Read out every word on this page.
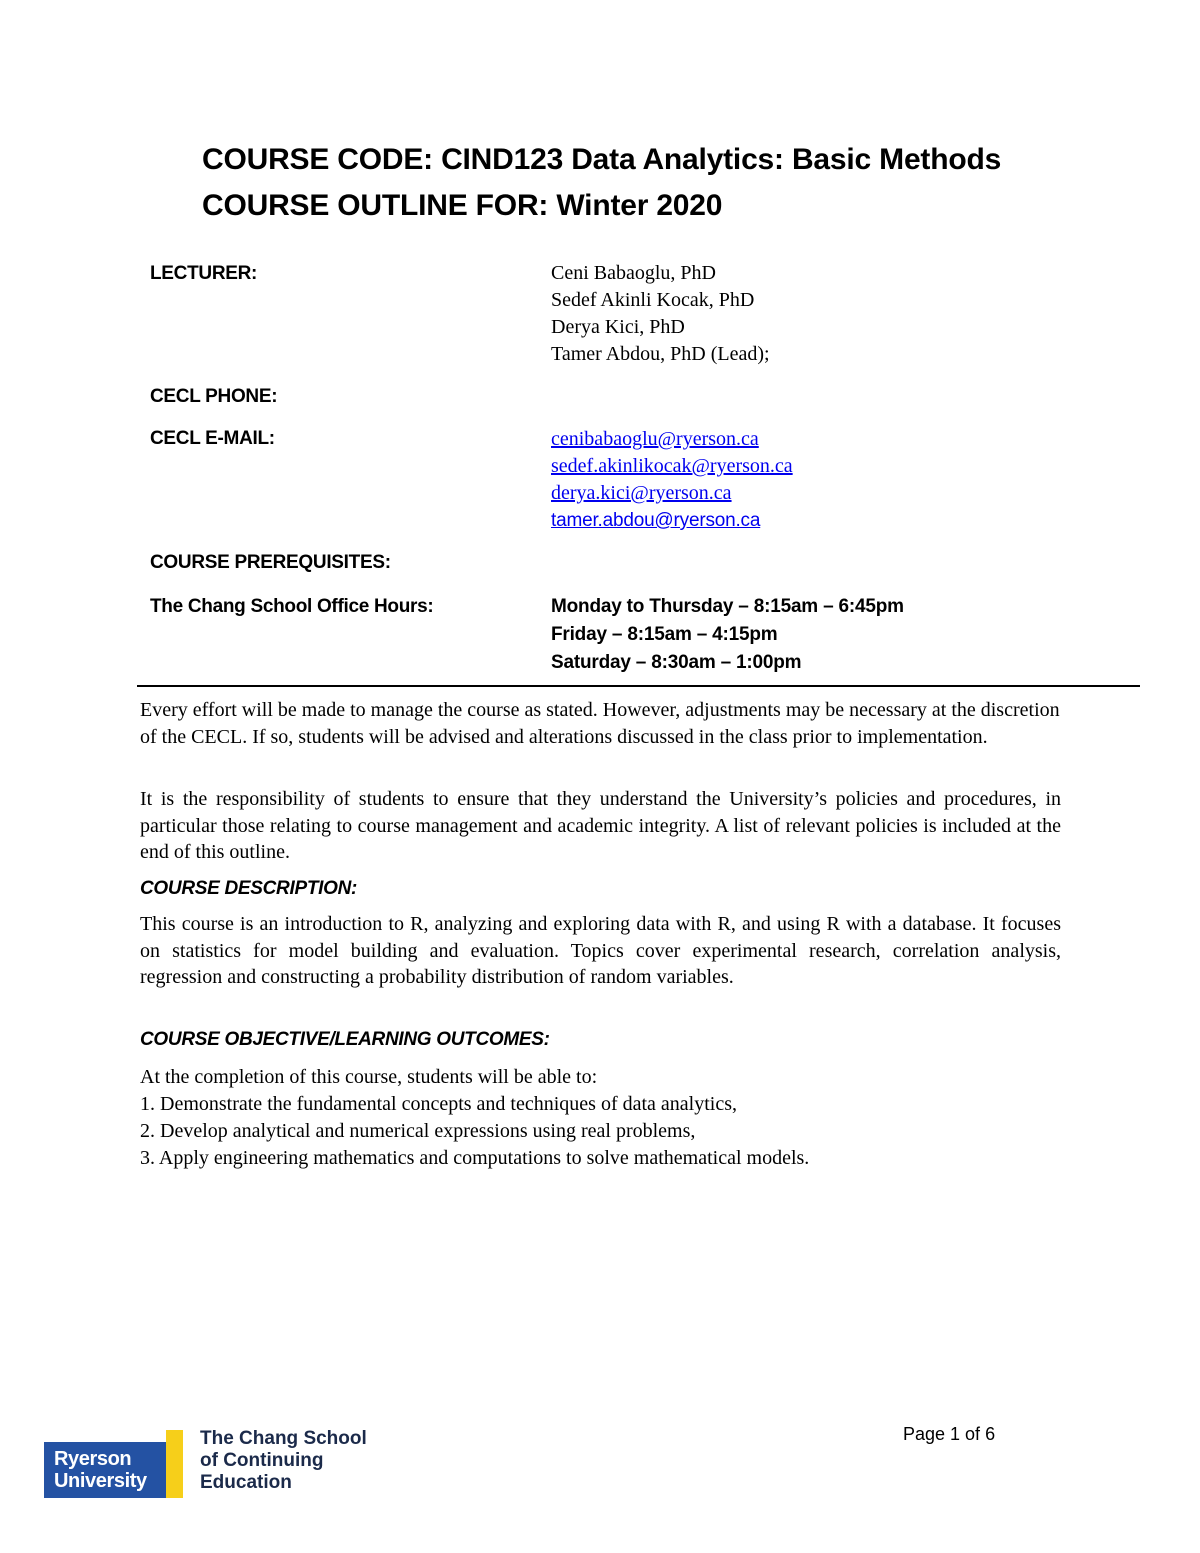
COURSE CODE: CIND123 Data Analytics: Basic Methods
COURSE OUTLINE FOR: Winter 2020
LECTURER:	Ceni Babaoglu, PhD
Sedef Akinli Kocak, PhD
Derya Kici, PhD
Tamer Abdou, PhD (Lead);
CECL PHONE:
CECL E-MAIL:	cenibabaoglu@ryerson.ca
sedef.akinlikocak@ryerson.ca
derya.kici@ryerson.ca
tamer.abdou@ryerson.ca
COURSE PREREQUISITES:
The Chang School Office Hours:	Monday to Thursday – 8:15am – 6:45pm
Friday – 8:15am – 4:15pm
Saturday – 8:30am – 1:00pm

Every effort will be made to manage the course as stated. However, adjustments may be necessary at the discretion of the CECL. If so, students will be advised and alterations discussed in the class prior to implementation.

It is the responsibility of students to ensure that they understand the University’s policies and procedures, in particular those relating to course management and academic integrity. A list of relevant policies is included at the end of this outline.

COURSE DESCRIPTION:

This course is an introduction to R, analyzing and exploring data with R, and using R with a database. It focuses on statistics for model building and evaluation. Topics cover experimental research, correlation analysis, regression and constructing a probability distribution of random variables.

COURSE OBJECTIVE/LEARNING OUTCOMES:
At the completion of this course, students will be able to:
1. Demonstrate the fundamental concepts and techniques of data analytics,
2. Develop analytical and numerical expressions using real problems,
3. Apply engineering mathematics and computations to solve mathematical models.
Page 1 of 6
Ryerson
University
The Chang School
of Continuing
Education
